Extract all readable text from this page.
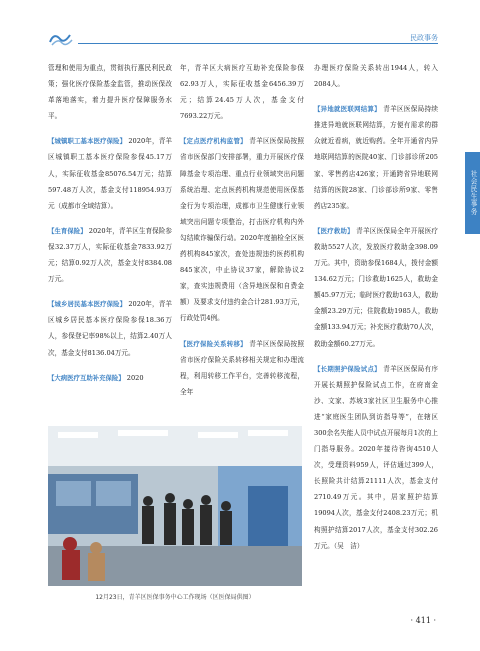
民政事务
社会民生事务

管理和使用为重点，贯彻执行惠民利民政策；强化医疗保险基金监管，推动医保改革落地落实，着力提升医疗保障服务水平。

【城镇职工基本医疗保险】 2020年，青羊区城镇职工基本医疗保险参保45.17万人，实际征收基金85076.54万元；结算597.48万人次，基金支付118954.93万元（成都市全域结算）。

【生育保险】 2020年，青羊区生育保险参保32.37万人，实际征收基金7833.92万元；结算0.92万人次，基金支付8384.08万元。

【城乡居民基本医疗保险】 2020年，青羊区城乡居民基本医疗保险参保18.36万人，参保登记率98%以上，结算2.40万人次，基金支付8136.04万元。

【大病医疗互助补充保险】 2020

年，青羊区大病医疗互助补充保险参保62.93万人，实际征收基金6456.39万元；结算24.45万人次，基金支付7693.22万元。

【定点医疗机构监管】 青羊区医保局按照省市医保部门安排部署，重力开展医疗保障基金专项治理、重点行业领域突出问题系统治理、定点医药机构规范使用医保基金行为专项治理，成都市卫生健康行业领域突出问题专项整治，打击医疗机构内外勾结欺诈骗保行动。2020年度抽检全区医药机构845家次，查处违规违约医药机构845家次，中止协议37家，解除协议2家，查实违规费用（含异地医保和自费金额）及要求支付违约金合计281.93万元，行政处罚4例。

【医疗保险关系转移】 青羊区医保局按照省市医疗保险关系转移相关规定和办理流程，利用转移工作平台，完善转移流程，全年

办理医疗保险关系转出1944人，转入2084人。

【异地就医联网结算】 青羊区医保局持续推进异地就医联网结算，方便有需求的群众就近看病，就近购药。全年开通省内异地联网结算的医院40家、门诊部诊所205家、零售药店426家；开通跨省异地联网结算的医院28家、门诊部诊所9家、零售药店235家。

【医疗救助】 青羊区医保局全年开展医疗救助5527人次，发放医疗救助金398.09万元。其中，资助参保1684人，拨付金额134.62万元；门诊救助1625人，救助金额45.97万元；临时医疗救助163人，救助金额23.29万元；住院救助1985人，救助金额133.94万元；补充医疗救助70人次，救助金额60.27万元。

【长期照护保险试点】 青羊区医保局有序开展长期照护保险试点工作，在府南金沙、文家、苏坡3家社区卫生服务中心推进“家庭医生团队到访指导等”，在辖区300余名失能人员中试点开展每月1次的上门指导服务。2020年接待咨询4510人次，受理资料959人，评估通过399人，长照险共计结算21111人次，基金支付2710.49万元。其中，居家照护结算19094人次，基金支付2408.23万元；机构照护结算2017人次，基金支付302.26万元。（吴　洁）

12月23日，青羊区医保事务中心工作现场（区医保局供图）
· 411 ·
